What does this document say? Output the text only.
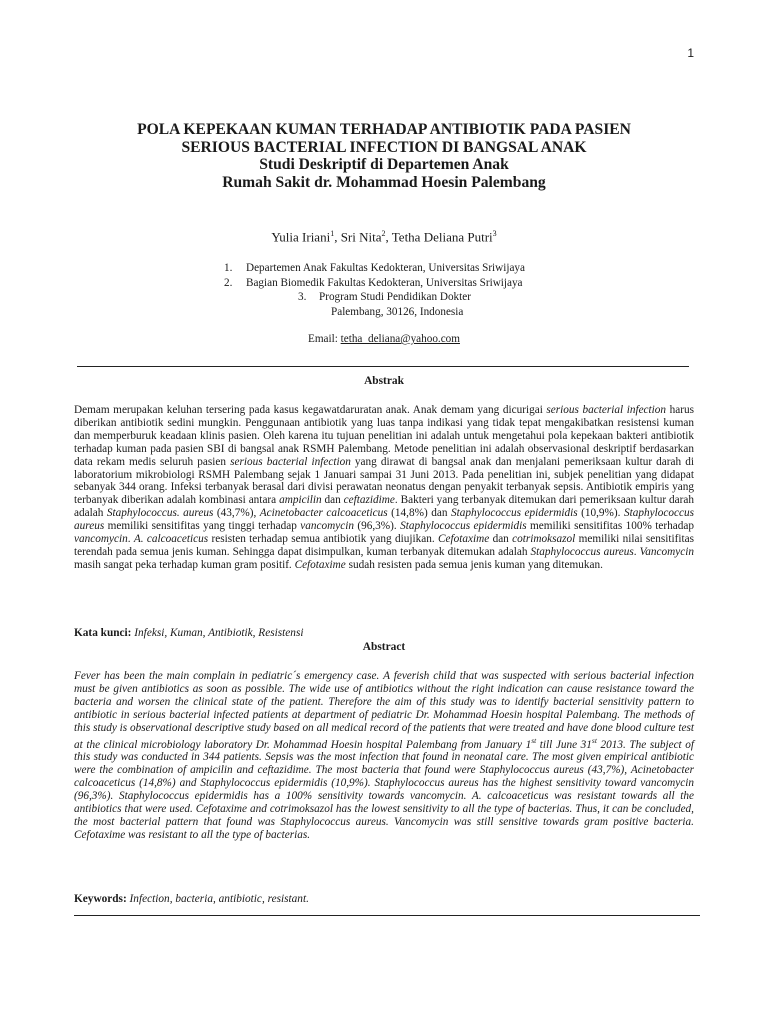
1
POLA KEPEKAAN KUMAN TERHADAP ANTIBIOTIK PADA PASIEN
SERIOUS BACTERIAL INFECTION DI BANGSAL ANAK
Studi Deskriptif di Departemen Anak
Rumah Sakit dr. Mohammad Hoesin Palembang
Yulia Iriani$^1$, Sri Nita$^2$, Tetha Deliana Putri$^3$
1. Departemen Anak Fakultas Kedokteran, Universitas Sriwijaya
2. Bagian Biomedik Fakultas Kedokteran, Universitas Sriwijaya
3. Program Studi Pendidikan Dokter
Palembang, 30126, Indonesia
Email: tetha_deliana@yahoo.com
Abstrak

Demam merupakan keluhan tersering pada kasus kegawatdaruratan anak. Anak demam yang dicurigai serious bacterial infection harus diberikan antibiotik sedini mungkin. Penggunaan antibiotik yang luas tanpa indikasi yang tidak tepat mengakibatkan resistensi kuman dan memperburuk keadaan klinis pasien. Oleh karena itu tujuan penelitian ini adalah untuk mengetahui pola kepekaan bakteri antibiotik terhadap kuman pada pasien SBI di bangsal anak RSMH Palembang. Metode penelitian ini adalah observasional deskriptif berdasarkan data rekam medis seluruh pasien serious bacterial infection yang dirawat di bangsal anak dan menjalani pemeriksaan kultur darah di laboratorium mikrobiologi RSMH Palembang sejak 1 Januari sampai 31 Juni 2013. Pada penelitian ini, subjek penelitian yang didapat sebanyak 344 orang. Infeksi terbanyak berasal dari divisi perawatan neonatus dengan penyakit terbanyak sepsis. Antibiotik empiris yang terbanyak diberikan adalah kombinasi antara ampicilin dan ceftazidime. Bakteri yang terbanyak ditemukan dari pemeriksaan kultur darah adalah Staphylococcus. aureus (43,7%), Acinetobacter calcoaceticus (14,8%) dan Staphylococcus epidermidis (10,9%). Staphylococcus aureus memiliki sensitifitas yang tinggi terhadap vancomycin (96,3%). Staphylococcus epidermidis memiliki sensitifitas 100% terhadap vancomycin. A. calcoaceticus resisten terhadap semua antibiotik yang diujikan. Cefotaxime dan cotrimoksazol memiliki nilai sensitifitas terendah pada semua jenis kuman. Sehingga dapat disimpulkan, kuman terbanyak ditemukan adalah Staphylococcus aureus. Vancomycin masih sangat peka terhadap kuman gram positif. Cefotaxime sudah resisten pada semua jenis kuman yang ditemukan.

Kata kunci: Infeksi, Kuman, Antibiotik, Resistensi
Abstract

Fever has been the main complain in pediatric´s emergency case. A feverish child that was suspected with serious bacterial infection must be given antibiotics as soon as possible. The wide use of antibiotics without the right indication can cause resistance toward the bacteria and worsen the clinical state of the patient. Therefore the aim of this study was to identify bacterial sensitivity pattern to antibiotic in serious bacterial infected patients at department of pediatric Dr. Mohammad Hoesin hospital Palembang. The methods of this study is observational descriptive study based on all medical record of the patients that were treated and have done blood culture test at the clinical microbiology laboratory Dr. Mohammad Hoesin hospital Palembang from January 1st till June 31st 2013. The subject of this study was conducted in 344 patients. Sepsis was the most infection that found in neonatal care. The most given empirical antibiotic were the combination of ampicilin and ceftazidime. The most bacteria that found were Staphylococcus aureus (43,7%), Acinetobacter calcoaceticus (14,8%) and Staphylococcus epidermidis (10,9%). Staphylococcus aureus has the highest sensitivity toward vancomycin (96,3%). Staphylococcus epidermidis has a 100% sensitivity towards vancomycin. A. calcoaceticus was resistant towards all the antibiotics that were used. Cefotaxime and cotrimoksazol has the lowest sensitivity to all the type of bacterias. Thus, it can be concluded, the most bacterial pattern that found was Staphylococcus aureus. Vancomycin was still sensitive towards gram positive bacteria. Cefotaxime was resistant to all the type of bacterias.

Keywords: Infection, bacteria, antibiotic, resistant.
